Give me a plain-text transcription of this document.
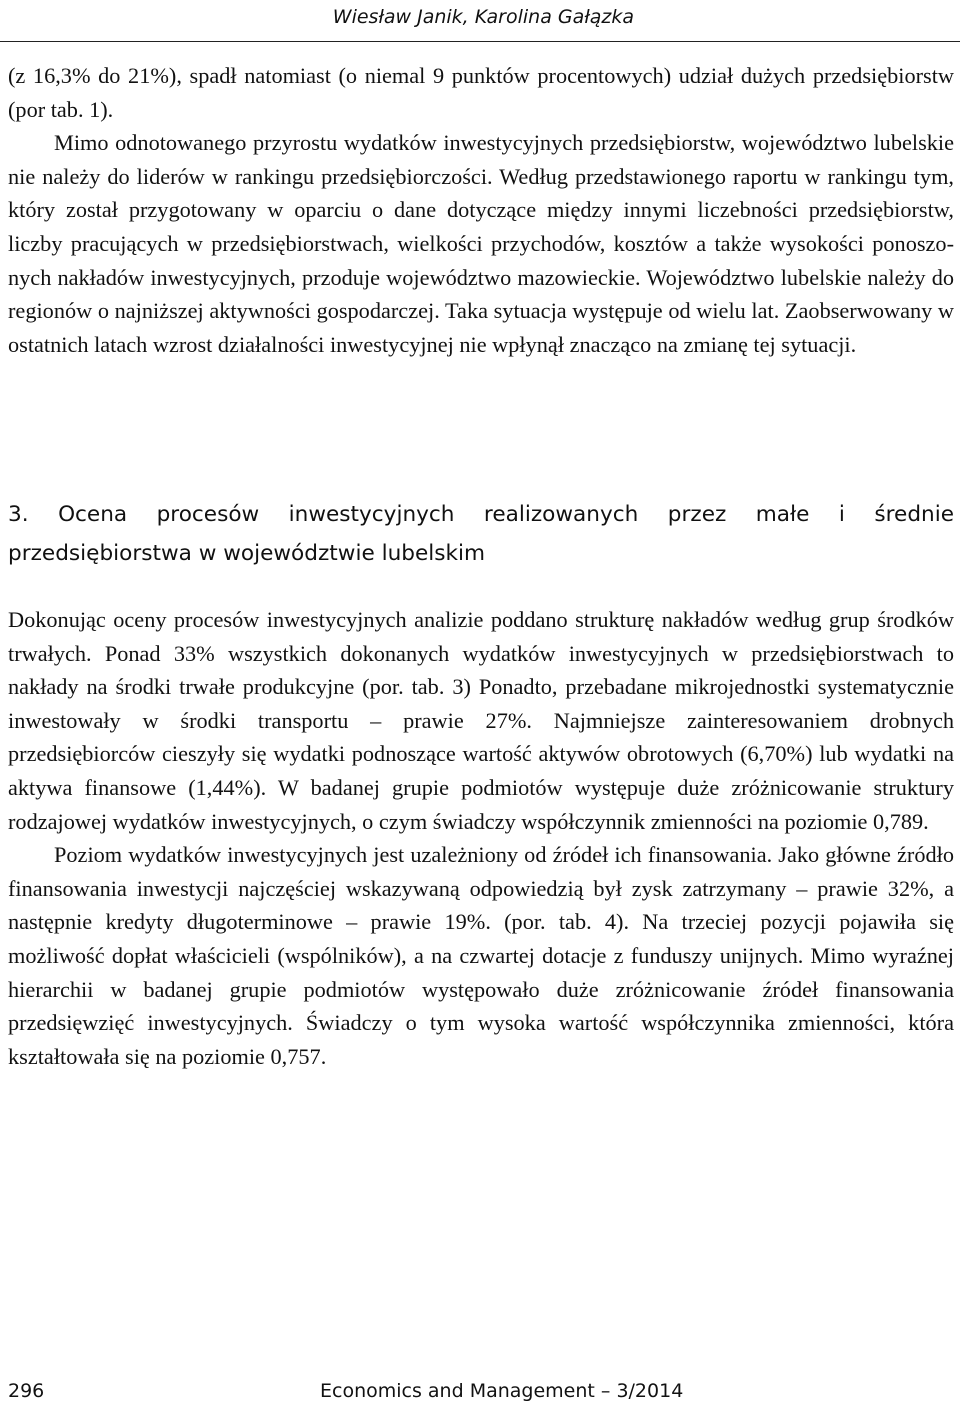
Wiesław Janik, Karolina Gałązka

(z 16,3% do 21%), spadł natomiast (o niemal 9 punktów procentowych) udział dużych przedsiębiorstw (por tab. 1).

Mimo odnotowanego przyrostu wydatków inwestycyjnych przedsiębiorstw, województwo lubelskie nie należy do liderów w rankingu przedsiębiorczości. Według przedstawionego raportu w rankingu tym, który został przygotowany w oparciu o dane dotyczące między innymi liczebności przedsiębiorstw, liczby pracujących w przedsiębiorstwach, wielkości przychodów, kosztów a także wysokości ponoszonych nakładów inwestycyjnych, przoduje województwo mazowieckie. Województwo lubelskie należy do regionów o najniższej aktywności gospodarczej. Taka sytuacja występuje od wielu lat. Zaobserwowany w ostatnich latach wzrost działalności inwestycyjnej nie wpłynął znacząco na zmianę tej sytuacji.

3. Ocena procesów inwestycyjnych realizowanych przez małe i średnie przedsiębiorstwa w województwie lubelskim

Dokonując oceny procesów inwestycyjnych analizie poddano strukturę nakładów według grup środków trwałych. Ponad 33% wszystkich dokonanych wydatków inwestycyjnych w przedsiębiorstwach to nakłady na środki trwałe produkcyjne (por. tab. 3) Ponadto, przebadane mikrojednostki systematycznie inwestowały w środki transportu – prawie 27%. Najmniejsze zainteresowaniem drobnych przedsiębiorców cieszyły się wydatki podnoszące wartość aktywów obrotowych (6,70%) lub wydatki na aktywa finansowe (1,44%). W badanej grupie podmiotów występuje duże zróżnicowanie struktury rodzajowej wydatków inwestycyjnych, o czym świadczy współczynnik zmienności na poziomie 0,789.

Poziom wydatków inwestycyjnych jest uzależniony od źródeł ich finansowania. Jako główne źródło finansowania inwestycji najczęściej wskazywaną odpowiedzią był zysk zatrzymany – prawie 32%, a następnie kredyty długoterminowe – prawie 19%. (por. tab. 4). Na trzeciej pozycji pojawiła się możliwość dopłat właścicieli (wspólników), a na czwartej dotacje z funduszy unijnych. Mimo wyraźnej hierarchii w badanej grupie podmiotów występowało duże zróżnicowanie źródeł finansowania przedsięwzięć inwestycyjnych. Świadczy o tym wysoka wartość współczynnika zmienności, która kształtowała się na poziomie 0,757.

296	Economics and Management – 3/2014
